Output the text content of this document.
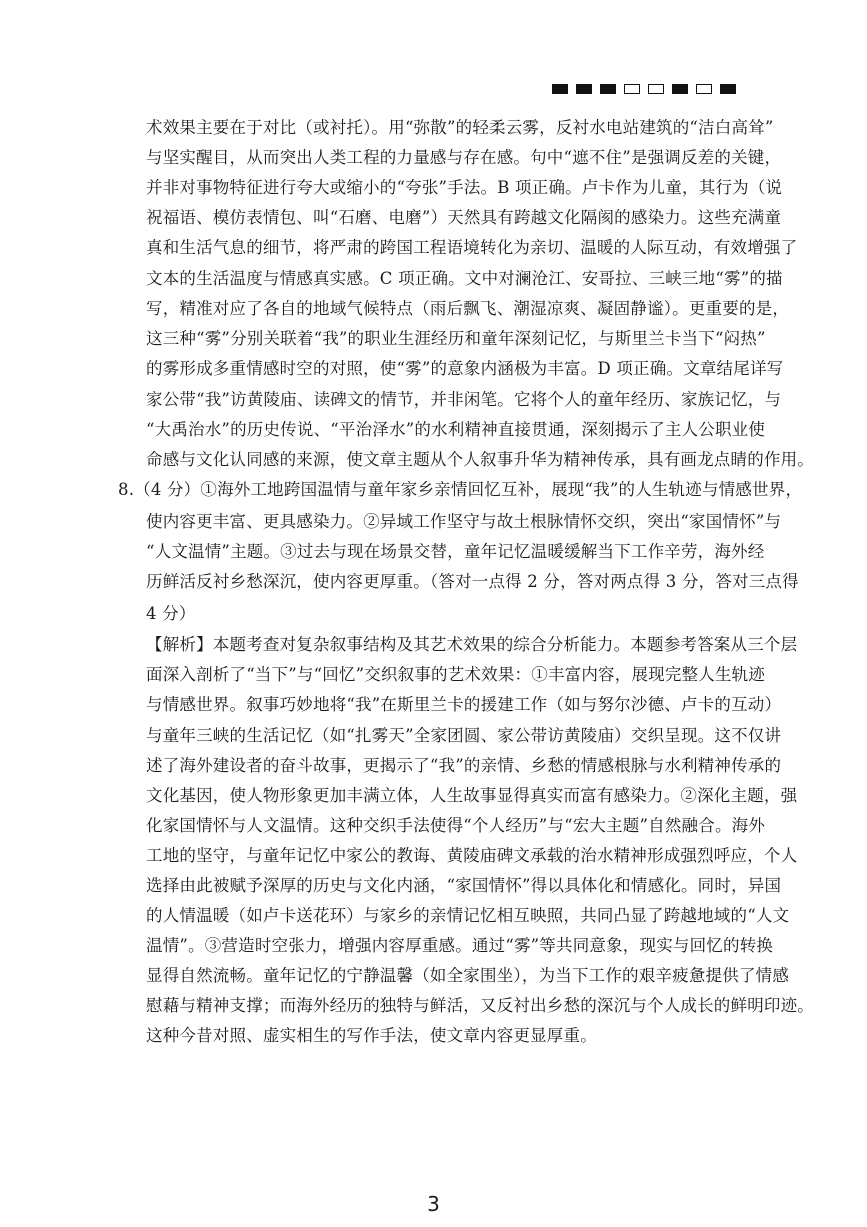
术效果主要在于对比（或衬托）。用“弥散”的轻柔云雾，反衬水电站建筑的“洁白高耸”
与坚实醒目，从而突出人类工程的力量感与存在感。句中“遮不住”是强调反差的关键，
并非对事物特征进行夸大或缩小的“夸张”手法。B 项正确。卢卡作为儿童，其行为（说
祝福语、模仿表情包、叫“石磨、电磨”）天然具有跨越文化隔阂的感染力。这些充满童
真和生活气息的细节，将严肃的跨国工程语境转化为亲切、温暖的人际互动，有效增强了
文本的生活温度与情感真实感。C 项正确。文中对澜沧江、安哥拉、三峡三地“雾”的描
写，精准对应了各自的地域气候特点（雨后飘飞、潮湿凉爽、凝固静谧）。更重要的是，
这三种“雾”分别关联着“我”的职业生涯经历和童年深刻记忆，与斯里兰卡当下“闷热”
的雾形成多重情感时空的对照，使“雾”的意象内涵极为丰富。D 项正确。文章结尾详写
家公带“我”访黄陵庙、读碑文的情节，并非闲笔。它将个人的童年经历、家族记忆，与
“大禹治水”的历史传说、“平治泽水”的水利精神直接贯通，深刻揭示了主人公职业使
命感与文化认同感的来源，使文章主题从个人叙事升华为精神传承，具有画龙点睛的作用。
8.（4 分）①海外工地跨国温情与童年家乡亲情回忆互补，展现“我”的人生轨迹与情感世界，
使内容更丰富、更具感染力。②异域工作坚守与故土根脉情怀交织，突出“家国情怀”与
“人文温情”主题。③过去与现在场景交替，童年记忆温暖缓解当下工作辛劳，海外经
历鲜活反衬乡愁深沉，使内容更厚重。（答对一点得 2 分，答对两点得 3 分，答对三点得
4 分）
【解析】本题考查对复杂叙事结构及其艺术效果的综合分析能力。本题参考答案从三个层
面深入剖析了“当下”与“回忆”交织叙事的艺术效果：①丰富内容，展现完整人生轨迹
与情感世界。叙事巧妙地将“我”在斯里兰卡的援建工作（如与努尔沙德、卢卡的互动）
与童年三峡的生活记忆（如“扎雾天”全家团圆、家公带访黄陵庙）交织呈现。这不仅讲
述了海外建设者的奋斗故事，更揭示了“我”的亲情、乡愁的情感根脉与水利精神传承的
文化基因，使人物形象更加丰满立体，人生故事显得真实而富有感染力。②深化主题，强
化家国情怀与人文温情。这种交织手法使得“个人经历”与“宏大主题”自然融合。海外
工地的坚守，与童年记忆中家公的教诲、黄陵庙碑文承载的治水精神形成强烈呼应，个人
选择由此被赋予深厚的历史与文化内涵，“家国情怀”得以具体化和情感化。同时，异国
的人情温暖（如卢卡送花环）与家乡的亲情记忆相互映照，共同凸显了跨越地域的“人文
温情”。③营造时空张力，增强内容厚重感。通过“雾”等共同意象，现实与回忆的转换
显得自然流畅。童年记忆的宁静温馨（如全家围坐），为当下工作的艰辛疲惫提供了情感
慰藉与精神支撑；而海外经历的独特与鲜活，又反衬出乡愁的深沉与个人成长的鲜明印迹。
这种今昔对照、虚实相生的写作手法，使文章内容更显厚重。
3
